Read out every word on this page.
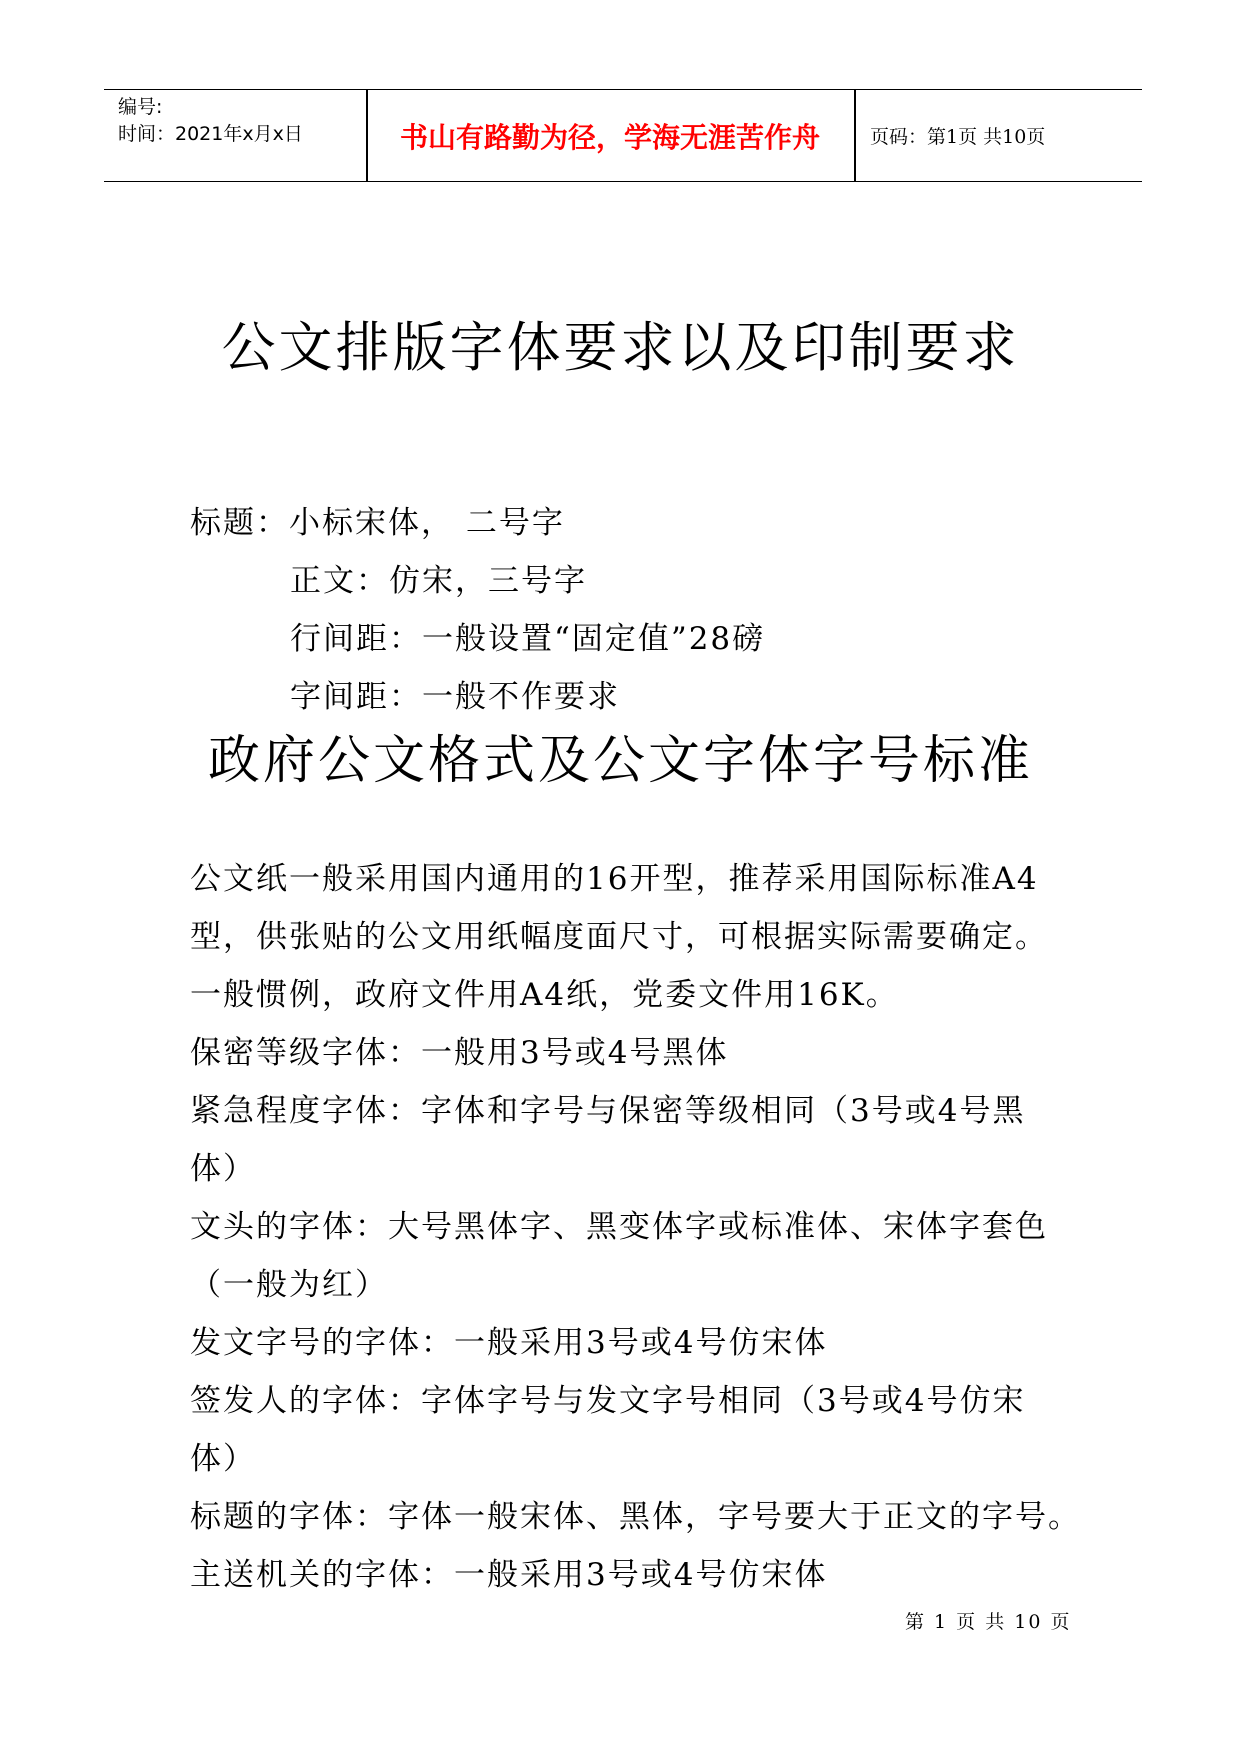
编号:
时间：2021年x月x日	书山有路勤为径，学海无涯苦作舟	页码：第1页 共10页
公文排版字体要求以及印制要求
标题：小标宋体， 二号字
正文：仿宋，三号字
行间距：一般设置“固定值”28磅
字间距：一般不作要求
政府公文格式及公文字体字号标准
公文纸一般采用国内通用的16开型，推荐采用国际标准A4
型，供张贴的公文用纸幅度面尺寸，可根据实际需要确定。
一般惯例，政府文件用A4纸，党委文件用16K。
保密等级字体：一般用3号或4号黑体
紧急程度字体：字体和字号与保密等级相同（3号或4号黑
体）
文头的字体：大号黑体字、黑变体字或标准体、宋体字套色
（一般为红）
发文字号的字体：一般采用3号或4号仿宋体
签发人的字体：字体字号与发文字号相同（3号或4号仿宋
体）
标题的字体：字体一般宋体、黑体，字号要大于正文的字号。
主送机关的字体：一般采用3号或4号仿宋体
第 1 页 共 10 页
